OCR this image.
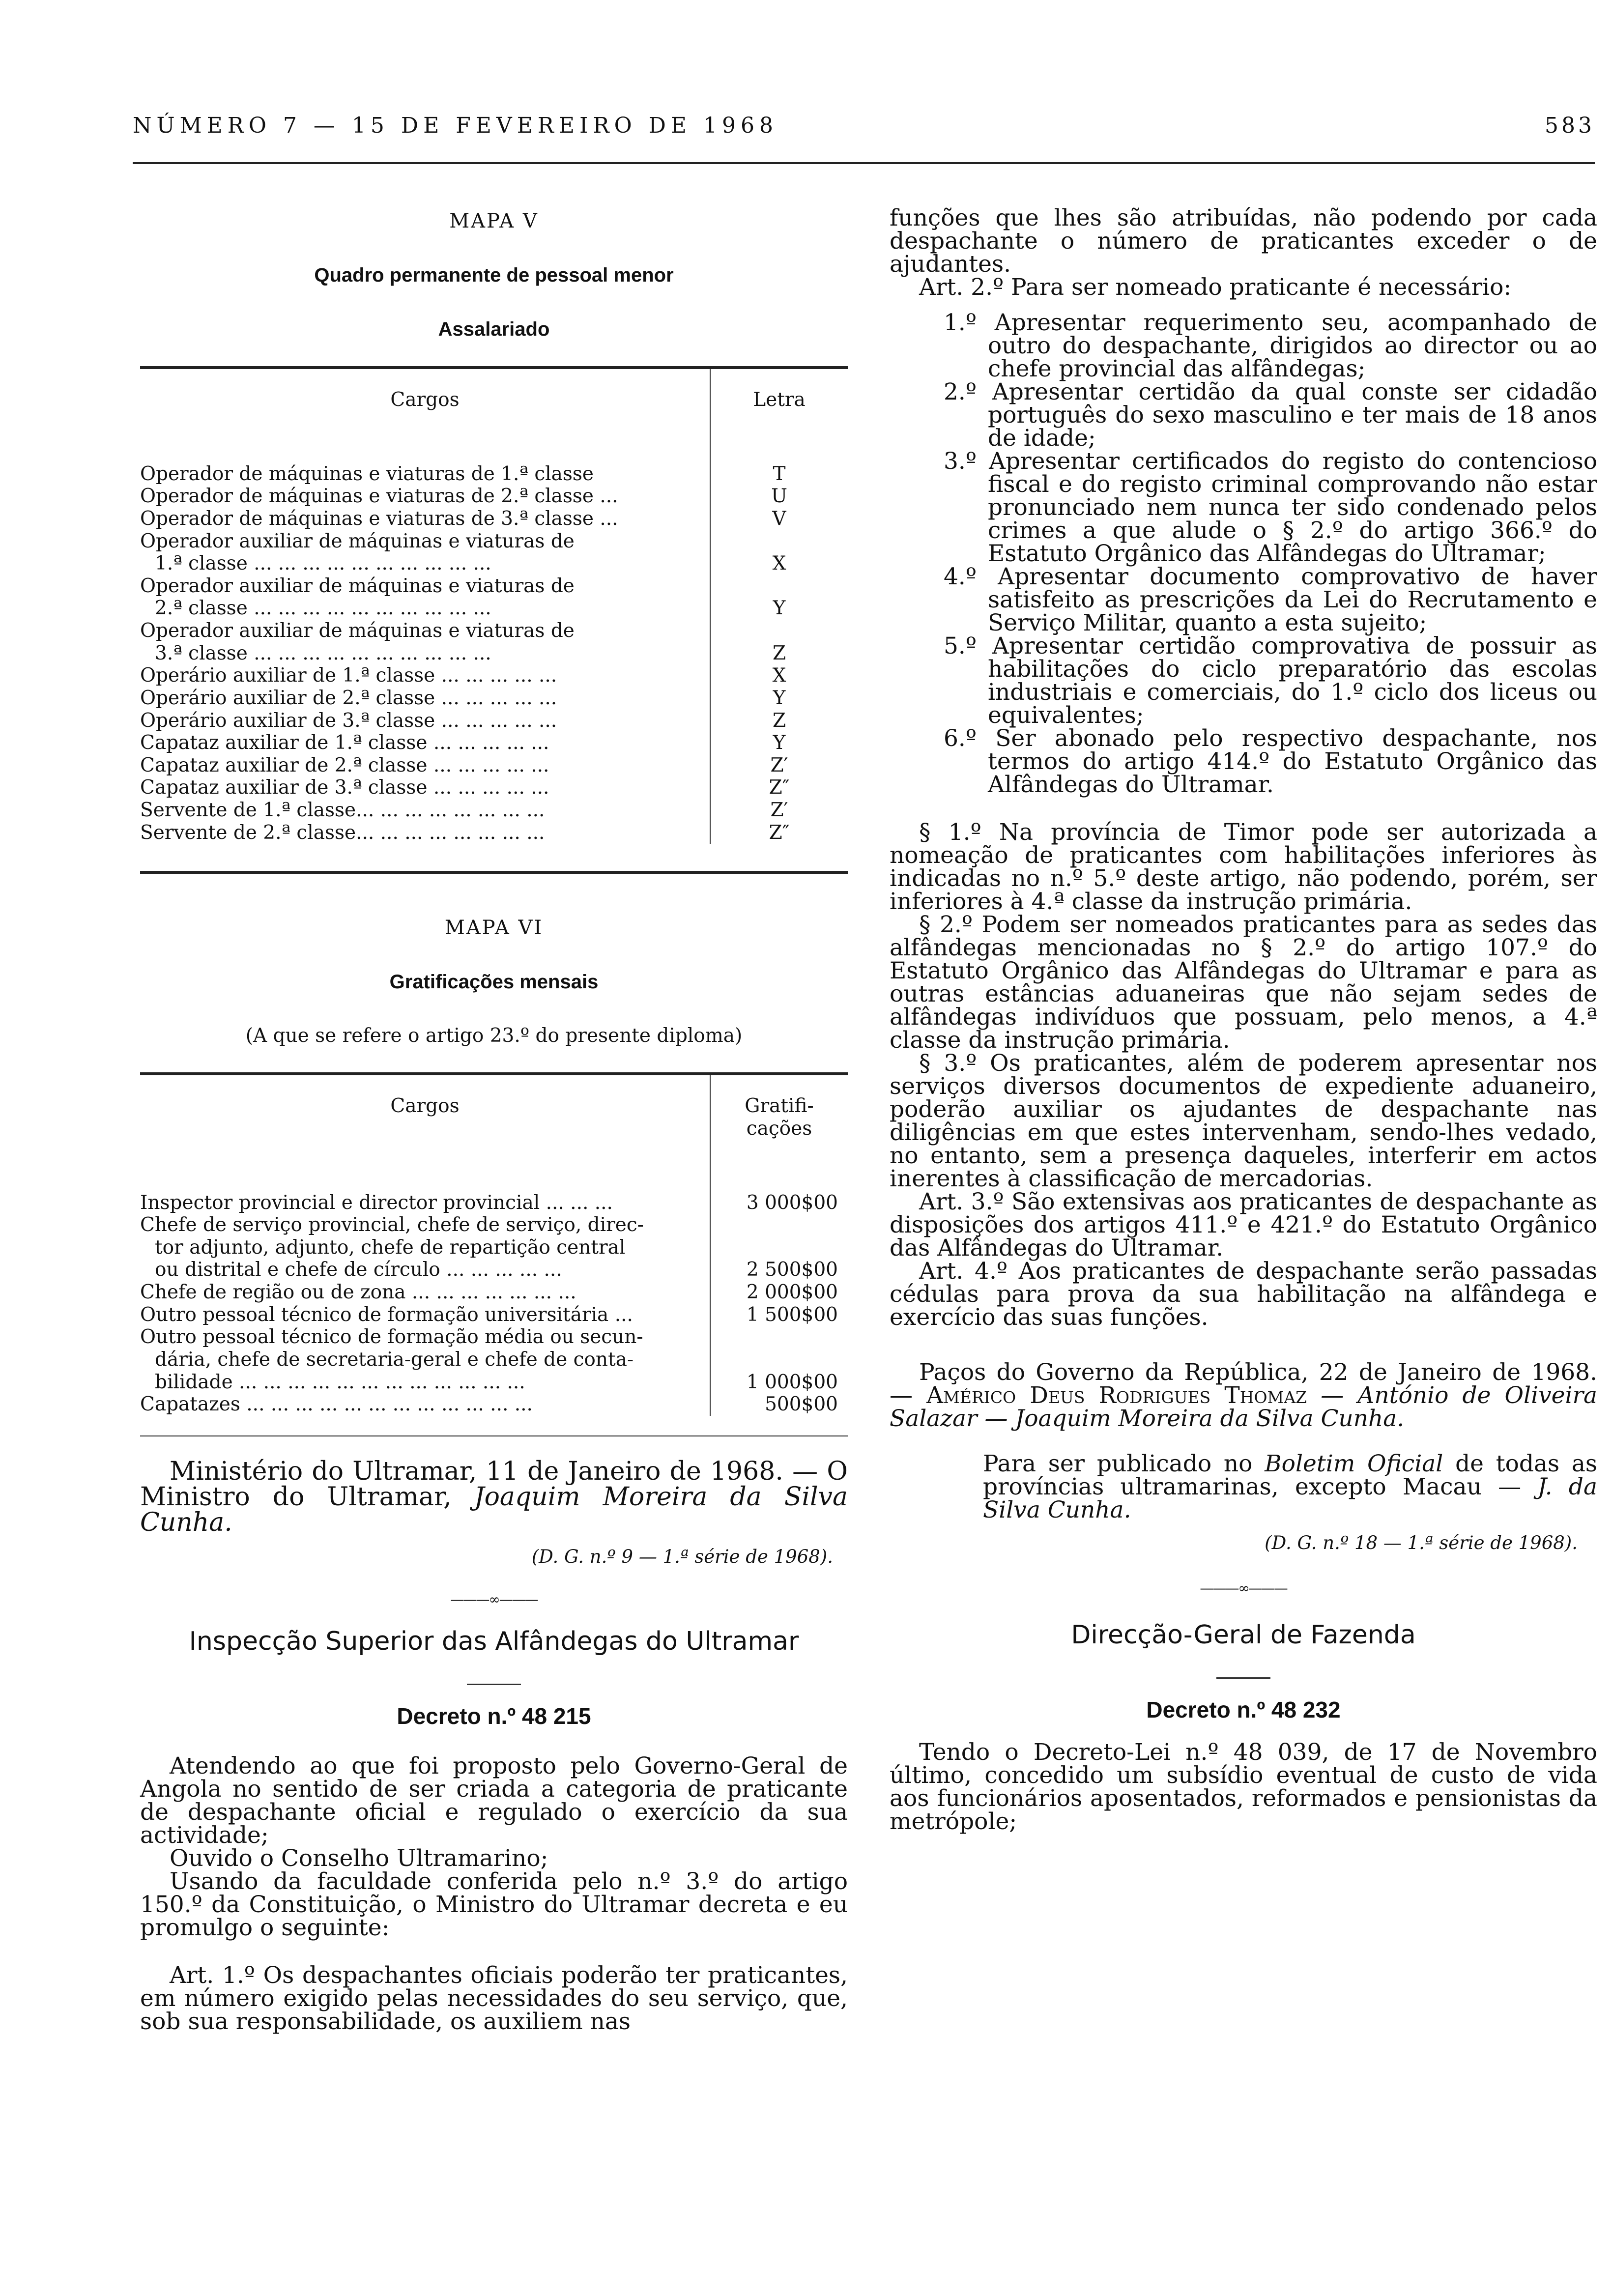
NÚMERO 7 — 15 DE FEVEREIRO DE 1968	583
MAPA V
Quadro permanente de pessoal menor
Assalariado
Cargos	Letra

Operador de máquinas e viaturas de 1.ª classe	T
Operador de máquinas e viaturas de 2.ª classe ...	U
Operador de máquinas e viaturas de 3.ª classe ...	V
Operador auxiliar de máquinas e viaturas de	
1.ª classe ... ... ... ... ... ... ... ... ... ...	X
Operador auxiliar de máquinas e viaturas de	
2.ª classe ... ... ... ... ... ... ... ... ... ...	Y
Operador auxiliar de máquinas e viaturas de	
3.ª classe ... ... ... ... ... ... ... ... ... ...	Z
Operário auxiliar de 1.ª classe ... ... ... ... ...	X
Operário auxiliar de 2.ª classe ... ... ... ... ...	Y
Operário auxiliar de 3.ª classe ... ... ... ... ...	Z
Capataz auxiliar de 1.ª classe ... ... ... ... ...	Y
Capataz auxiliar de 2.ª classe ... ... ... ... ...	Z′
Capataz auxiliar de 3.ª classe ... ... ... ... ...	Z″
Servente de 1.ª classe... ... ... ... ... ... ... ...	Z′
Servente de 2.ª classe... ... ... ... ... ... ... ...	Z″
MAPA VI
Gratificações mensais
(A que se refere o artigo 23.º do presente diploma)
Cargos	Gratifi-
cações

Inspector provincial e director provincial ... ... ...	3 000$00

Chefe de serviço provincial, chefe de serviço, direc-
tor adjunto, adjunto, chefe de repartição central
ou distrital e chefe de círculo ... ... ... ... ...	2 500$00

Chefe de região ou de zona ... ... ... ... ... ... ...	2 000$00

Outro pessoal técnico de formação universitária ...	1 500$00

Outro pessoal técnico de formação média ou secun-
dária, chefe de secretaria-geral e chefe de conta-
bilidade ... ... ... ... ... ... ... ... ... ... ... ...	1 000$00

Capatazes ... ... ... ... ... ... ... ... ... ... ... ...	500$00
Ministério do Ultramar, 11 de Janeiro de 1968. — O Ministro do Ultramar, Joaquim Moreira da Silva Cunha.
(D. G. n.º 9 — 1.ª série de 1968).
———∞———
Inspecção Superior das Alfândegas do Ultramar
Decreto n.º 48 215
Atendendo ao que foi proposto pelo Governo-Geral de Angola no sentido de ser criada a categoria de praticante de despachante oficial e regulado o exercício da sua actividade;
Ouvido o Conselho Ultramarino;
Usando da faculdade conferida pelo n.º 3.º do artigo 150.º da Constituição, o Ministro do Ultramar decreta e eu promulgo o seguinte:
Art. 1.º Os despachantes oficiais poderão ter praticantes, em número exigido pelas necessidades do seu serviço, que, sob sua responsabilidade, os auxiliem nas
funções que lhes são atribuídas, não podendo por cada despachante o número de praticantes exceder o de ajudantes.
Art. 2.º Para ser nomeado praticante é necessário:
1.º Apresentar requerimento seu, acompanhado de outro do despachante, dirigidos ao director ou ao chefe provincial das alfândegas;
2.º Apresentar certidão da qual conste ser cidadão português do sexo masculino e ter mais de 18 anos de idade;
3.º Apresentar certificados do registo do contencioso fiscal e do registo criminal comprovando não estar pronunciado nem nunca ter sido condenado pelos crimes a que alude o § 2.º do artigo 366.º do Estatuto Orgânico das Alfândegas do Ultramar;
4.º Apresentar documento comprovativo de haver satisfeito as prescrições da Lei do Recrutamento e Serviço Militar, quanto a esta sujeito;
5.º Apresentar certidão comprovativa de possuir as habilitações do ciclo preparatório das escolas industriais e comerciais, do 1.º ciclo dos liceus ou equivalentes;
6.º Ser abonado pelo respectivo despachante, nos termos do artigo 414.º do Estatuto Orgânico das Alfândegas do Ultramar.
§ 1.º Na província de Timor pode ser autorizada a nomeação de praticantes com habilitações inferiores às indicadas no n.º 5.º deste artigo, não podendo, porém, ser inferiores à 4.ª classe da instrução primária.
§ 2.º Podem ser nomeados praticantes para as sedes das alfândegas mencionadas no § 2.º do artigo 107.º do Estatuto Orgânico das Alfândegas do Ultramar e para as outras estâncias aduaneiras que não sejam sedes de alfândegas indivíduos que possuam, pelo menos, a 4.ª classe da instrução primária.
§ 3.º Os praticantes, além de poderem apresentar nos serviços diversos documentos de expediente aduaneiro, poderão auxiliar os ajudantes de despachante nas diligências em que estes intervenham, sendo-lhes vedado, no entanto, sem a presença daqueles, interferir em actos inerentes à classificação de mercadorias.
Art. 3.º São extensivas aos praticantes de despachante as disposições dos artigos 411.º e 421.º do Estatuto Orgânico das Alfândegas do Ultramar.
Art. 4.º Aos praticantes de despachante serão passadas cédulas para prova da sua habilitação na alfândega e exercício das suas funções.
Paços do Governo da República, 22 de Janeiro de 1968. — Américo Deus Rodrigues Thomaz — António de Oliveira Salazar — Joaquim Moreira da Silva Cunha.
Para ser publicado no Boletim Oficial de todas as províncias ultramarinas, excepto Macau — J. da Silva Cunha.
(D. G. n.º 18 — 1.ª série de 1968).
———∞———
Direcção-Geral de Fazenda
Decreto n.º 48 232
Tendo o Decreto-Lei n.º 48 039, de 17 de Novembro último, concedido um subsídio eventual de custo de vida aos funcionários aposentados, reformados e pensionistas da metrópole;
